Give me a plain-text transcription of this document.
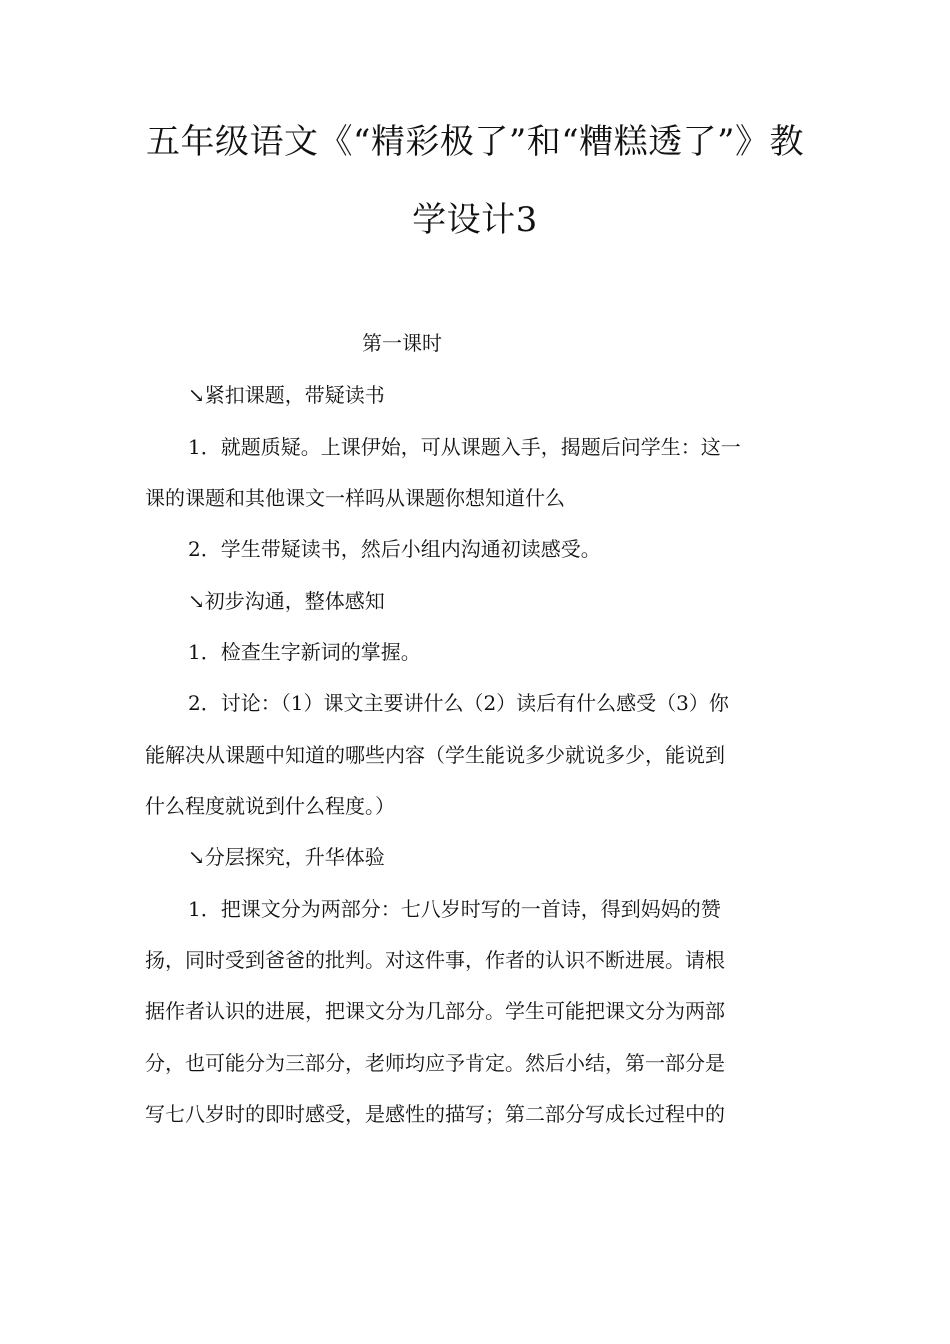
五年级语文《“精彩极了”和“糟糕透了”》教
学设计3
第一课时
↘紧扣课题，带疑读书
1．就题质疑。上课伊始，可从课题入手，揭题后问学生：这一
课的课题和其他课文一样吗从课题你想知道什么
2．学生带疑读书，然后小组内沟通初读感受。
↘初步沟通，整体感知
1．检查生字新词的掌握。
2．讨论：（1）课文主要讲什么（2）读后有什么感受（3）你
能解决从课题中知道的哪些内容（学生能说多少就说多少，能说到
什么程度就说到什么程度。）
↘分层探究，升华体验
1．把课文分为两部分：七八岁时写的一首诗，得到妈妈的赞
扬，同时受到爸爸的批判。对这件事，作者的认识不断进展。请根
据作者认识的进展，把课文分为几部分。学生可能把课文分为两部
分，也可能分为三部分，老师均应予肯定。然后小结，第一部分是
写七八岁时的即时感受，是感性的描写；第二部分写成长过程中的
